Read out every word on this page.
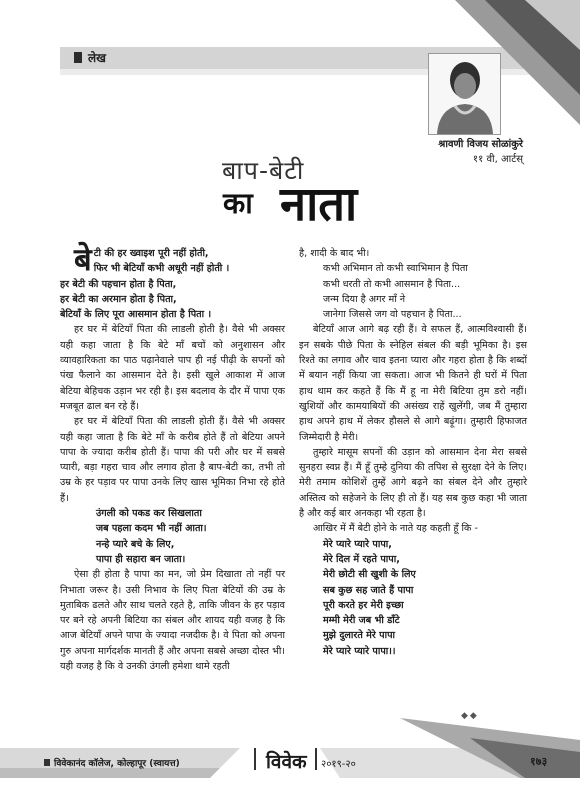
लेख
श्रावणी विजय सोळांकुरे
११ वी, आर्टस्
बाप-बेटी
का नाता
बे टी की हर ख्वाइश पूरी नहीं होती,
फिर भी बेटियाँ कभी अधूरी नहीं होती ।
हर बेटी की पहचान होता है पिता,
हर बेटी का अरमान होता है पिता,
बेटियाँ के लिए पूरा आसमान होता है पिता ।

हर घर में बेटियाँ पिता की लाडली होती है। वैसे भी अक्सर यही कहा जाता है कि बेटे माँ बचों को अनुशासन और व्यावहारिकता का पाठ पढ़ानेवाले पाप ही नई पीढ़ी के सपनों को पंख फैलाने का आसमान देते है। इसी खुले आकाश में आज बेटिया बेहिचक उड़ान भर रही है। इस बदलाव के दौर में पापा एक मजबूत ढाल बन रहे हैं।

हर घर में बेटियाँ पिता की लाडली होती हैं। वैसे भी अक्सर यही कहा जाता है कि बेटे माँ के करीब होते हैं तो बेटिया अपने पापा के ज्यादा करीब होती हैं। पापा की परी और घर में सबसे प्यारी, बड़ा गहरा चाव और लगाव होता है बाप-बेटी का, तभी तो उम्र के हर पड़ाव पर पापा उनके लिए खास भूमिका निभा रहे होते हैं।

उंगली को पकड कर सिखलाता
जब पहला कदम भी नहीं आता।
नन्हे प्यारे बचे के लिए,
पापा ही सहारा बन जाता।

ऐसा ही होता है पापा का मन, जो प्रेम दिखाता तो नहीं पर निभाता जरूर है। उसी निभाव के लिए पिता बेटियों की उम्र के मुताबिक ढलते और साथ चलते रहते है, ताकि जीवन के हर पड़ाव पर बने रहे अपनी बिटिया का संबल और शायद यही वजह है कि आज बेटियाँ अपने पापा के ज्यादा नजदीक है। वे पिता को अपना गुरु अपना मार्गदर्शक मानती हैं और अपना सबसे अच्छा दोस्त भी। यही वजह है कि वे उनकी उंगली हमेशा थामे रहती

है, शादी के बाद भी।

कभी अभिमान तो कभी स्वाभिमान है पिता
कभी धरती तो कभी आसमान है पिता...
जन्म दिया है अगर माँ ने
जानेगा जिससे जग वो पहचान है पिता...

बेटियाँ आज आगे बढ़ रही हैं। वे सफल हैं, आत्मविश्वासी हैं। इन सबके पीछे पिता के स्नेहिल संबल की बड़ी भूमिका है। इस रिश्ते का लगाव और चाव इतना प्यारा और गहरा होता है कि शब्दों में बयान नहीं किया जा सकता। आज भी कितने ही घरों में पिता हाथ थाम कर कहते हैं कि मैं हू ना मेरी बिटिया तुम डरो नहीं। खुशियों और कामयाबियों की असंख्य राहें खुलेंगी, जब मैं तुम्हारा हाथ अपने हाथ में लेकर हौसले से आगे बढ़ूंगा। तुम्हारी हिफाजत जिम्मेदारी है मेरी।

तुम्हारे मासूम सपनों की उड़ान को आसमान देना मेरा सबसे सुनहरा स्वप्न हैं। मैं हूँ तुम्हे दुनिया की तपिश से सुरक्षा देने के लिए। मेरी तमाम कोशिशें तुम्हें आगे बढ़ने का संबल देने और तुम्हारे अस्तित्व को सहेजने के लिए ही तो हैं। यह सब कुछ कहा भी जाता है और कई बार अनकहा भी रहता है।

आखिर में मैं बेटी होने के नाते यह कहती हूँ कि -

मेरे प्यारे प्यारे पापा,
मेरे दिल में रहते पापा,
मेरी छोटी सी खुशी के लिए
सब कुछ सह जाते हैं पापा
पूरी करते हर मेरी इच्छा
मम्मी मेरी जब भी डाँटे
मुझे दुलारते मेरे पापा
मेरे प्यारे प्यारे पापा।।
◆◆
विवेकानंद कॉलेज, कोल्हापूर (स्वायत्त)	विवेक २०१९-२०	१७३
